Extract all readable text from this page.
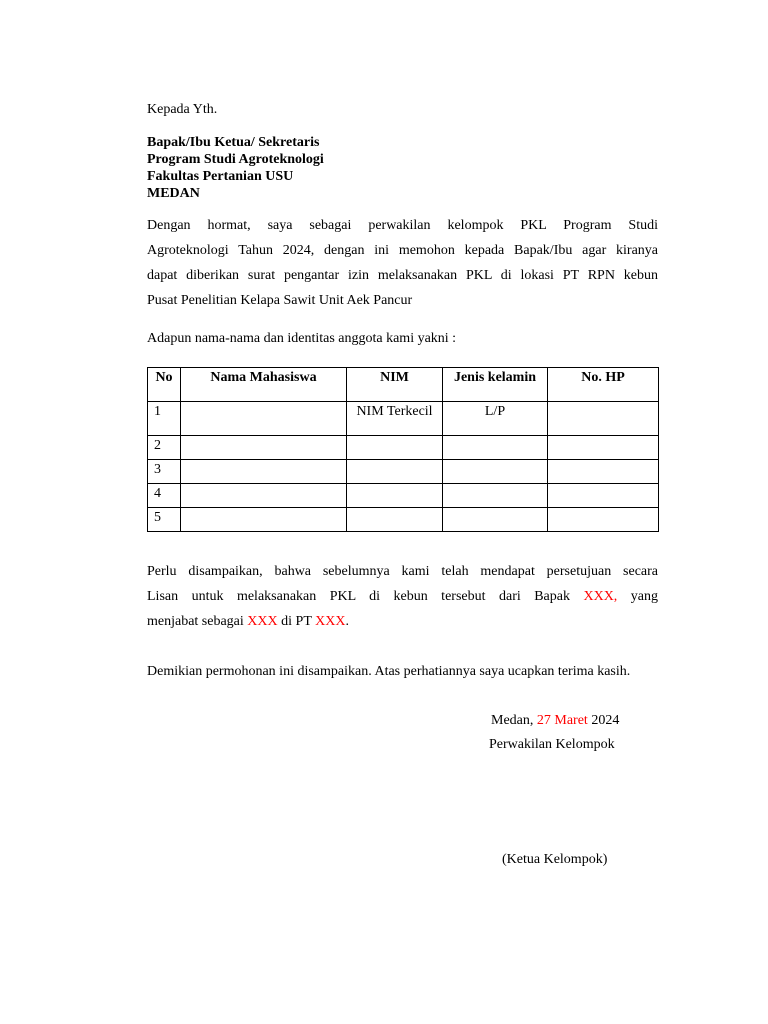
Kepada Yth.
Bapak/Ibu Ketua/ Sekretaris
Program Studi Agroteknologi
Fakultas Pertanian USU
MEDAN
Dengan hormat, saya sebagai perwakilan kelompok PKL Program Studi
Agroteknologi Tahun 2024, dengan ini memohon kepada Bapak/Ibu agar kiranya
dapat diberikan surat pengantar izin melaksanakan PKL di lokasi PT RPN kebun
Pusat Penelitian Kelapa Sawit Unit Aek Pancur
Adapun nama-nama dan identitas anggota kami yakni :
No	Nama Mahasiswa	NIM	Jenis kelamin	No. HP
1		NIM Terkecil	L/P	
2				
3				
4				
5				
Perlu disampaikan, bahwa sebelumnya kami telah mendapat persetujuan secara
Lisan untuk melaksanakan PKL di kebun tersebut dari Bapak XXX, yang
menjabat sebagai XXX di PT XXX.
Demikian permohonan ini disampaikan. Atas perhatiannya saya ucapkan terima kasih.
Medan, 27 Maret 2024
Perwakilan Kelompok
(Ketua Kelompok)
